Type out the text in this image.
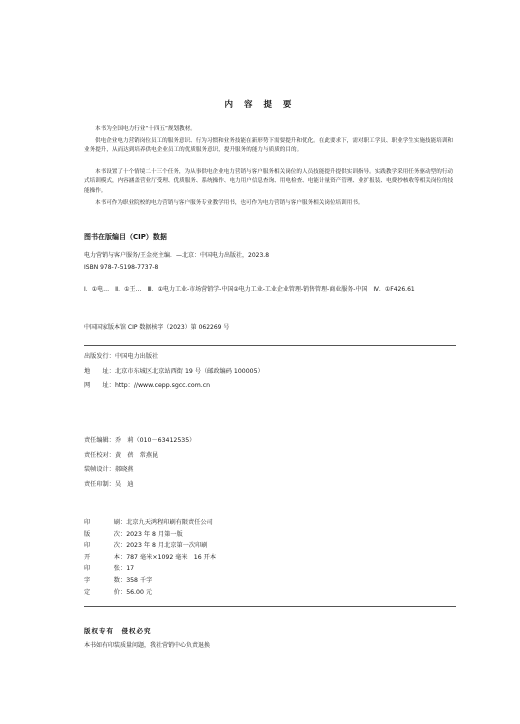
内 容 提 要
本书为全国电力行业“十四五”规划教材。
供电企业电力营销岗位员工的服务意识、行为习惯和业务技能在新形势下需要提升和优化。在此要求下，需对职工学员、职业学生实施技能培训和业务提升，从而达到培养供电企业员工的优质服务意识，提升服务的能力与质质的目的。
本书设置了十个情境二十三个任务，为从事供电企业电力营销与客户服务相关岗位的人员技能提升提供实训指导。实践教学采用任务驱动型的行动式培训模式，内容涵盖营业厅受理、优质服务、系统操作、电力用户信息查询、用电检查、电能计量资产管理、业扩报装、电费抄核收等相关岗位的技能操作。
本书可作为职业院校的电力营销与客户服务专业教学用书，也可作为电力营销与客户服务相关岗位培训用书。
图书在版编目（CIP）数据
电力营销与客户服务/王金亮主编．—北京：中国电力出版社，2023.8
ISBN 978-7-5198-7737-8
Ⅰ．①电…　Ⅱ．①王…　Ⅲ．①电力工业-市场营销学-中国②电力工业-工业企业管理-销售管理-商业服务-中国　Ⅳ．①F426.61
中国国家版本馆 CIP 数据核字（2023）第 062269 号
出版发行：中国电力出版社
地　　址：北京市东城区北京站西街 19 号（邮政编码 100005）
网　　址：http：//www.cepp.sgcc.com.cn
责任编辑：乔　莉（010－63412535）
责任校对：黄　蓓　常燕昆
装帧设计：郝晓燕
责任印制：吴　迪
印刷：北京九天鸿程印刷有限责任公司
版次：2023 年 8 月第一版
印次：2023 年 8 月北京第一次印刷
开本：787 毫米×1092 毫米　16 开本
印张：17
字数：358 千字
定价：56.00 元
版权专有　侵权必究
本书如有印装质量问题，我社营销中心负责退换
